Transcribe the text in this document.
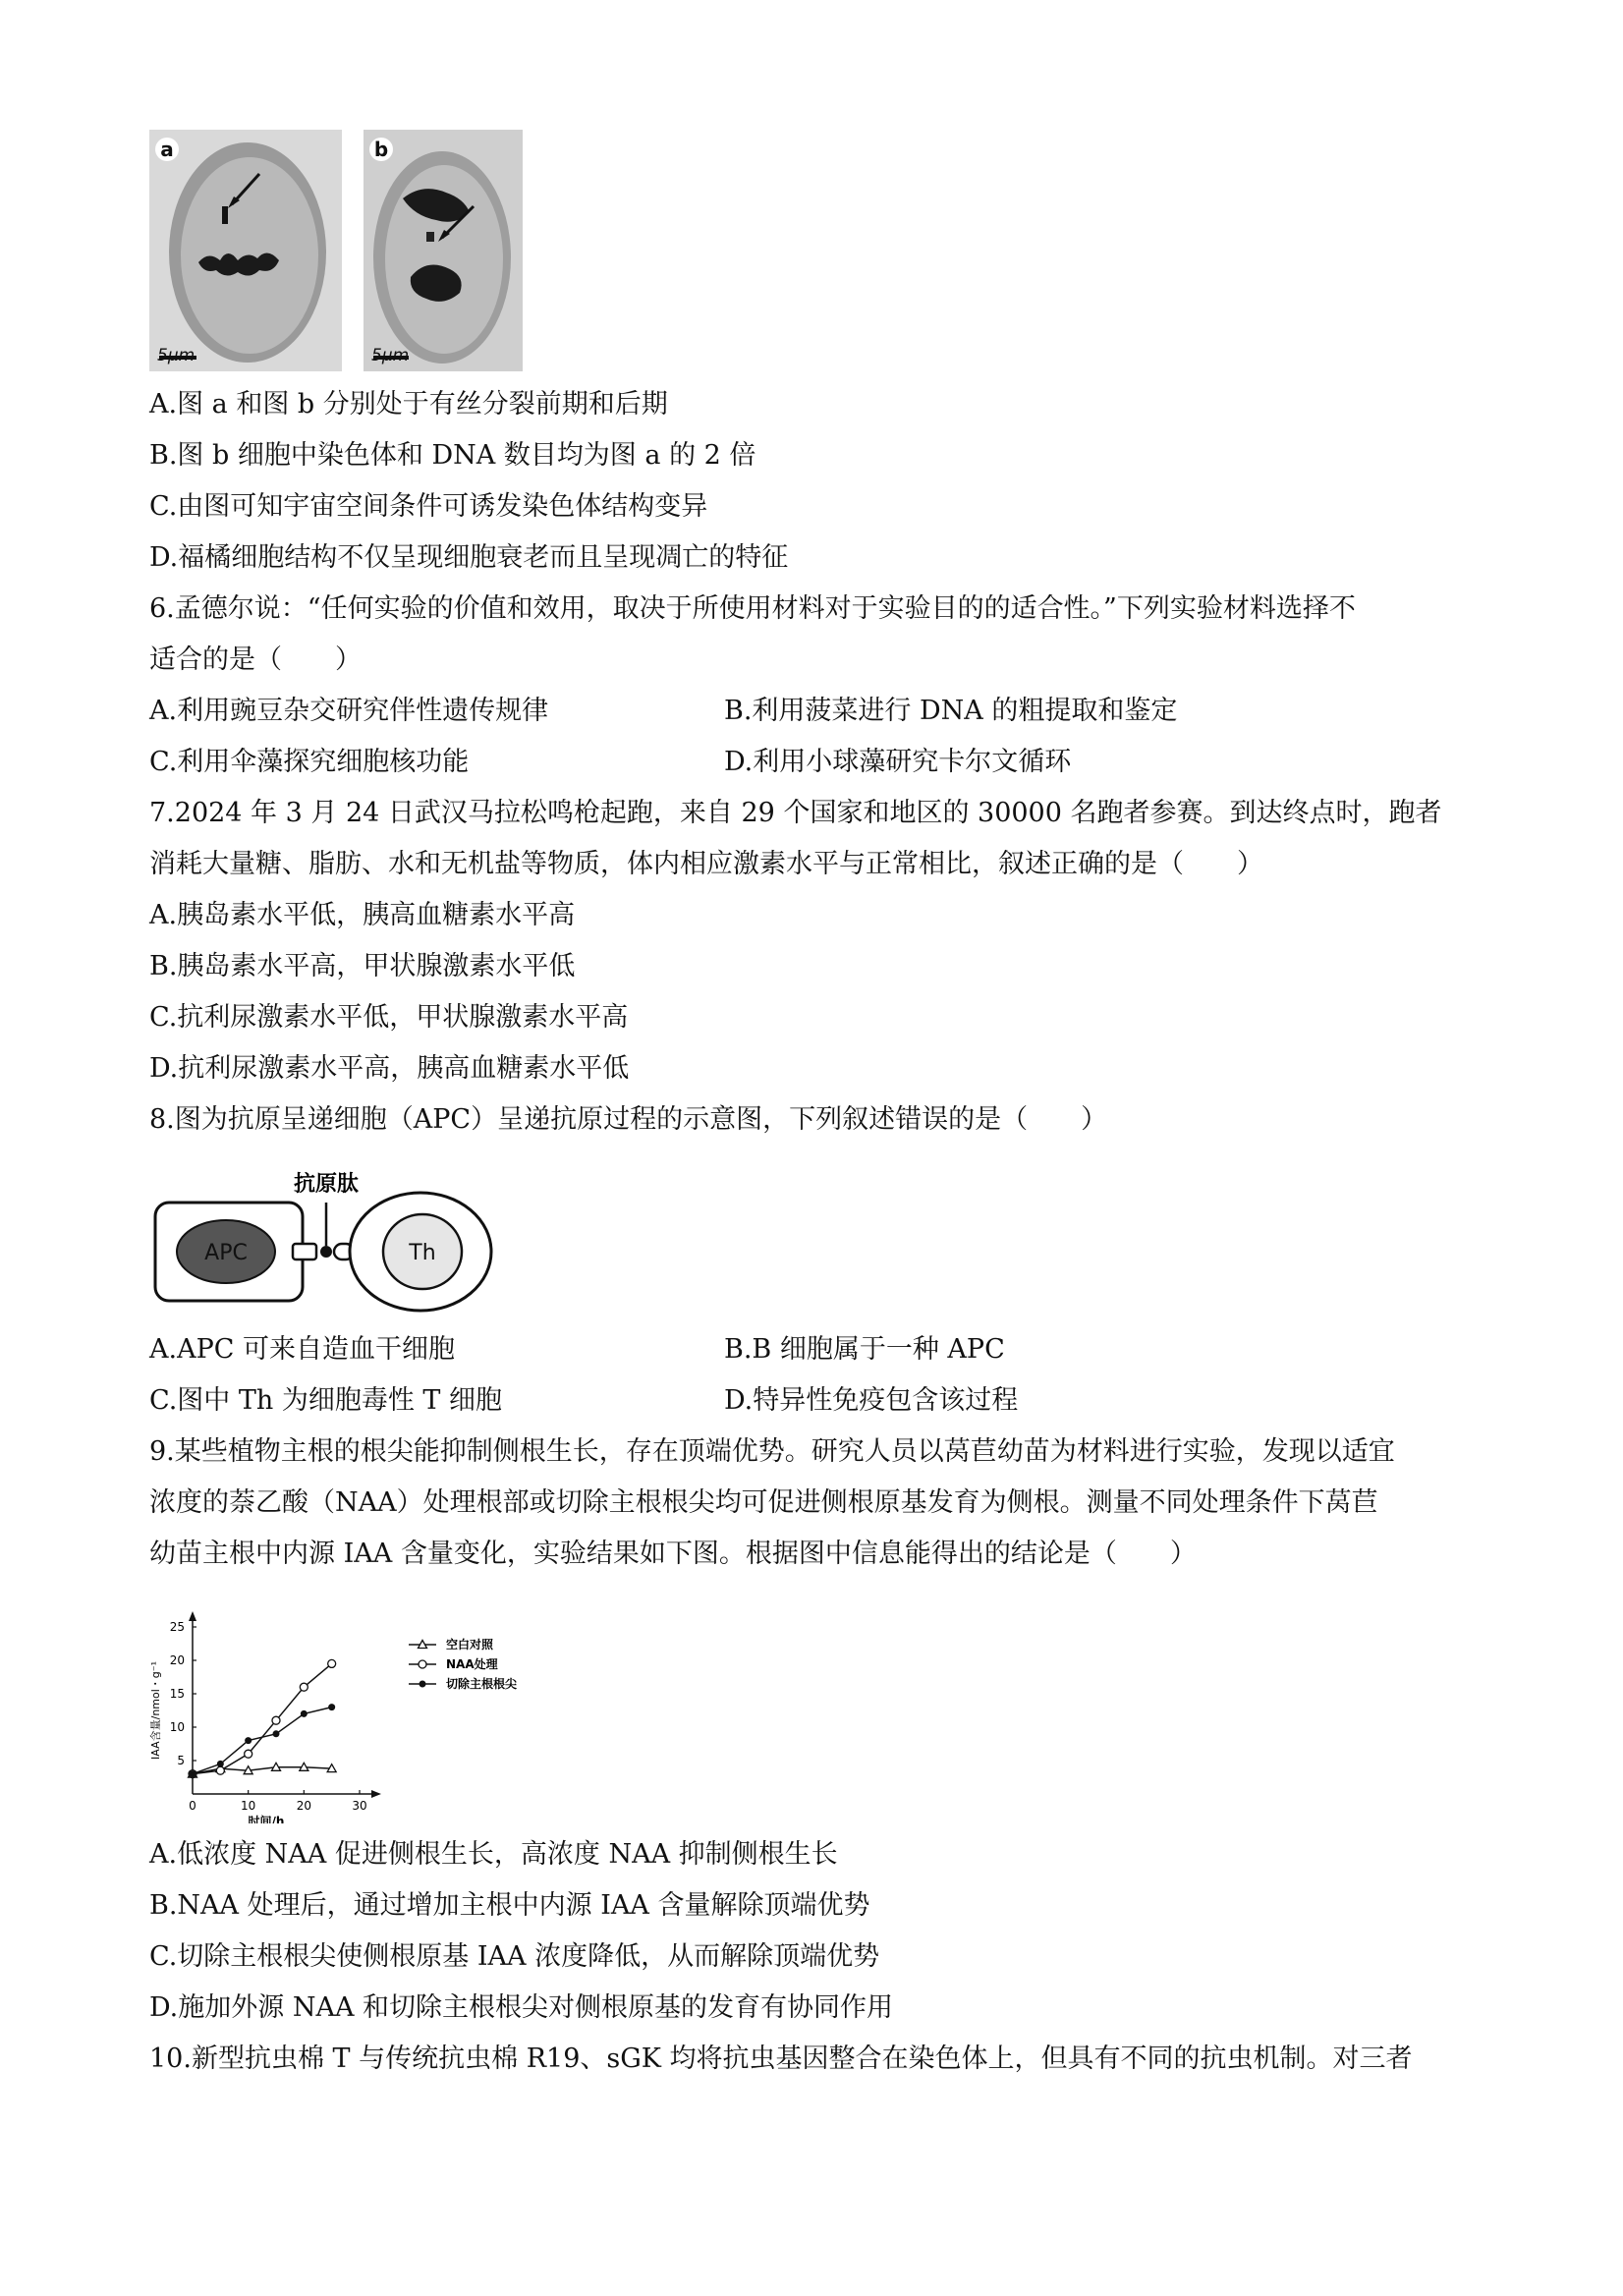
a
5μm
b
5μm
A.图 a 和图 b 分别处于有丝分裂前期和后期
B.图 b 细胞中染色体和 DNA 数目均为图 a 的 2 倍
C.由图可知宇宙空间条件可诱发染色体结构变异
D.福橘细胞结构不仅呈现细胞衰老而且呈现凋亡的特征
6.孟德尔说：“任何实验的价值和效用，取决于所使用材料对于实验目的的适合性。”下列实验材料选择不
适合的是（　　）
A.利用豌豆杂交研究伴性遗传规律	B.利用菠菜进行 DNA 的粗提取和鉴定
C.利用伞藻探究细胞核功能	D.利用小球藻研究卡尔文循环
7.2024 年 3 月 24 日武汉马拉松鸣枪起跑，来自 29 个国家和地区的 30000 名跑者参赛。到达终点时，跑者
消耗大量糖、脂肪、水和无机盐等物质，体内相应激素水平与正常相比，叙述正确的是（　　）
A.胰岛素水平低，胰高血糖素水平高
B.胰岛素水平高，甲状腺激素水平低
C.抗利尿激素水平低，甲状腺激素水平高
D.抗利尿激素水平高，胰高血糖素水平低
8.图为抗原呈递细胞（APC）呈递抗原过程的示意图，下列叙述错误的是（　　）
抗原肽
APC	Th
A.APC 可来自造血干细胞	B.B 细胞属于一种 APC
C.图中 Th 为细胞毒性 T 细胞	D.特异性免疫包含该过程
9.某些植物主根的根尖能抑制侧根生长，存在顶端优势。研究人员以莴苣幼苗为材料进行实验，发现以适宜
浓度的萘乙酸（NAA）处理根部或切除主根根尖均可促进侧根原基发育为侧根。测量不同处理条件下莴苣
幼苗主根中内源 IAA 含量变化，实验结果如下图。根据图中信息能得出的结论是（　　）
0	10	20	30
5
10
15
20
25
时间/h
IAA含量/nmol・g⁻¹
空白对照
NAA处理
切除主根根尖
A.低浓度 NAA 促进侧根生长，高浓度 NAA 抑制侧根生长
B.NAA 处理后，通过增加主根中内源 IAA 含量解除顶端优势
C.切除主根根尖使侧根原基 IAA 浓度降低，从而解除顶端优势
D.施加外源 NAA 和切除主根根尖对侧根原基的发育有协同作用
10.新型抗虫棉 T 与传统抗虫棉 R19、sGK 均将抗虫基因整合在染色体上，但具有不同的抗虫机制。对三者
